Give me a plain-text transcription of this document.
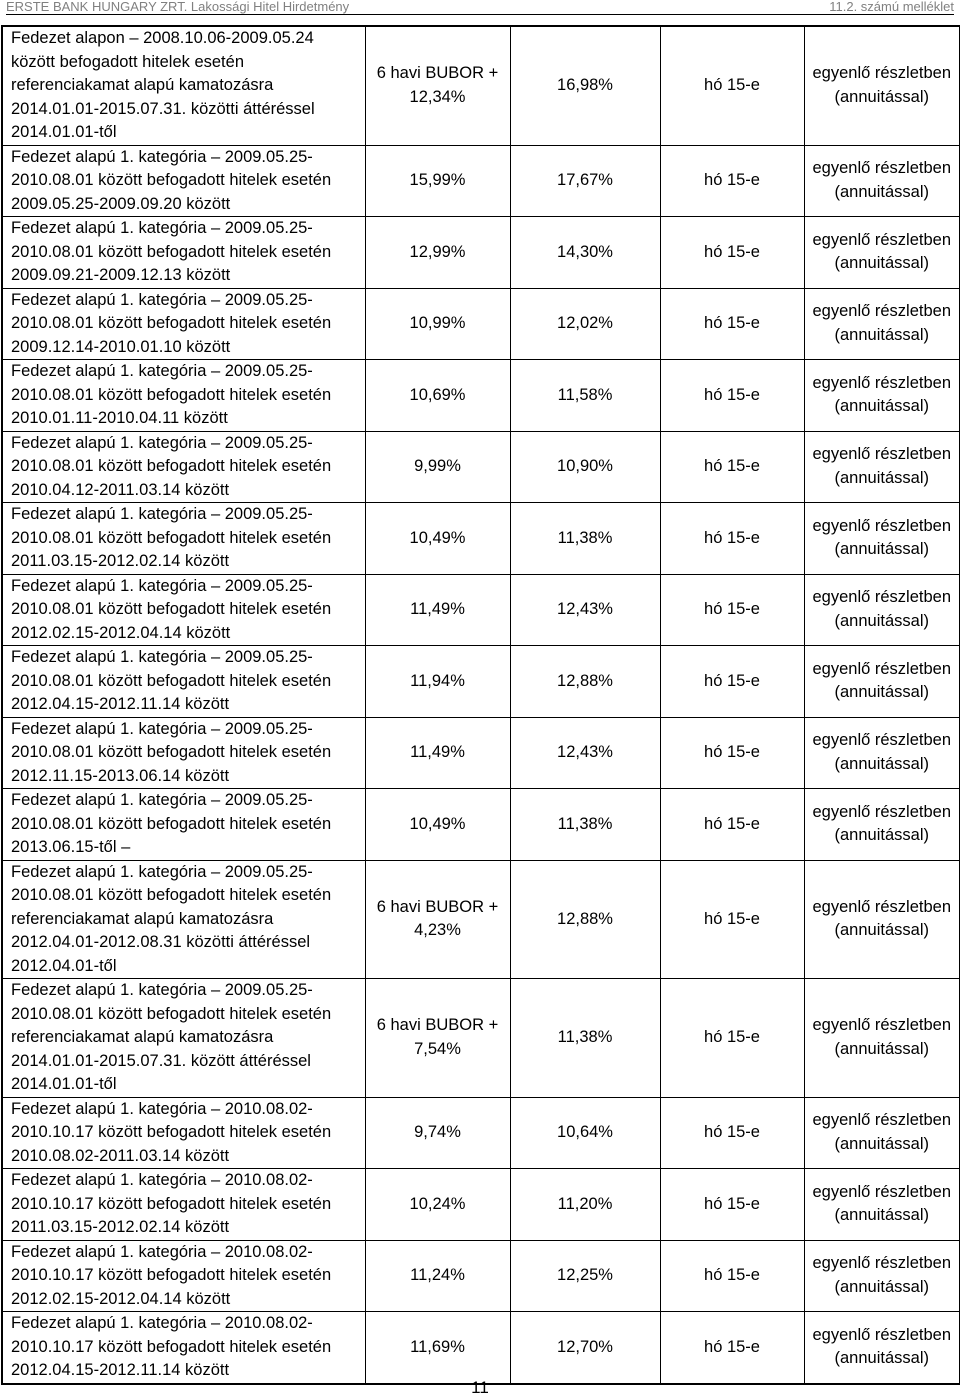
ERSTE BANK HUNGARY ZRT. Lakossági Hitel Hirdetmény	11.2. számú melléklet
Fedezet alapon – 2008.10.06-2009.05.24
között befogadott hitelek esetén
referenciakamat alapú kamatozásra
2014.01.01-2015.07.31. közötti áttéréssel
2014.01.01-től	6 havi BUBOR +
12,34%	16,98%	hó 15-e	egyenlő részletben
(annuitással)

Fedezet alapú 1. kategória – 2009.05.25-
2010.08.01 között befogadott hitelek esetén
2009.05.25-2009.09.20 között	15,99%	17,67%	hó 15-e	egyenlő részletben
(annuitással)

Fedezet alapú 1. kategória – 2009.05.25-
2010.08.01 között befogadott hitelek esetén
2009.09.21-2009.12.13 között	12,99%	14,30%	hó 15-e	egyenlő részletben
(annuitással)

Fedezet alapú 1. kategória – 2009.05.25-
2010.08.01 között befogadott hitelek esetén
2009.12.14-2010.01.10 között	10,99%	12,02%	hó 15-e	egyenlő részletben
(annuitással)

Fedezet alapú 1. kategória – 2009.05.25-
2010.08.01 között befogadott hitelek esetén
2010.01.11-2010.04.11 között	10,69%	11,58%	hó 15-e	egyenlő részletben
(annuitással)

Fedezet alapú 1. kategória – 2009.05.25-
2010.08.01 között befogadott hitelek esetén
2010.04.12-2011.03.14 között	9,99%	10,90%	hó 15-e	egyenlő részletben
(annuitással)

Fedezet alapú 1. kategória – 2009.05.25-
2010.08.01 között befogadott hitelek esetén
2011.03.15-2012.02.14 között	10,49%	11,38%	hó 15-e	egyenlő részletben
(annuitással)

Fedezet alapú 1. kategória – 2009.05.25-
2010.08.01 között befogadott hitelek esetén
2012.02.15-2012.04.14 között	11,49%	12,43%	hó 15-e	egyenlő részletben
(annuitással)

Fedezet alapú 1. kategória – 2009.05.25-
2010.08.01 között befogadott hitelek esetén
2012.04.15-2012.11.14 között	11,94%	12,88%	hó 15-e	egyenlő részletben
(annuitással)

Fedezet alapú 1. kategória – 2009.05.25-
2010.08.01 között befogadott hitelek esetén
2012.11.15-2013.06.14 között	11,49%	12,43%	hó 15-e	egyenlő részletben
(annuitással)

Fedezet alapú 1. kategória – 2009.05.25-
2010.08.01 között befogadott hitelek esetén
2013.06.15-től –	10,49%	11,38%	hó 15-e	egyenlő részletben
(annuitással)

Fedezet alapú 1. kategória – 2009.05.25-
2010.08.01 között befogadott hitelek esetén
referenciakamat alapú kamatozásra
2012.04.01-2012.08.31 közötti áttéréssel
2012.04.01-től	6 havi BUBOR +
4,23%	12,88%	hó 15-e	egyenlő részletben
(annuitással)

Fedezet alapú 1. kategória – 2009.05.25-
2010.08.01 között befogadott hitelek esetén
referenciakamat alapú kamatozásra
2014.01.01-2015.07.31. között áttéréssel
2014.01.01-től	6 havi BUBOR +
7,54%	11,38%	hó 15-e	egyenlő részletben
(annuitással)

Fedezet alapú 1. kategória – 2010.08.02-
2010.10.17 között befogadott hitelek esetén
2010.08.02-2011.03.14 között	9,74%	10,64%	hó 15-e	egyenlő részletben
(annuitással)

Fedezet alapú 1. kategória – 2010.08.02-
2010.10.17 között befogadott hitelek esetén
2011.03.15-2012.02.14 között	10,24%	11,20%	hó 15-e	egyenlő részletben
(annuitással)

Fedezet alapú 1. kategória – 2010.08.02-
2010.10.17 között befogadott hitelek esetén
2012.02.15-2012.04.14 között	11,24%	12,25%	hó 15-e	egyenlő részletben
(annuitással)

Fedezet alapú 1. kategória – 2010.08.02-
2010.10.17 között befogadott hitelek esetén
2012.04.15-2012.11.14 között	11,69%	12,70%	hó 15-e	egyenlő részletben
(annuitással)
11
